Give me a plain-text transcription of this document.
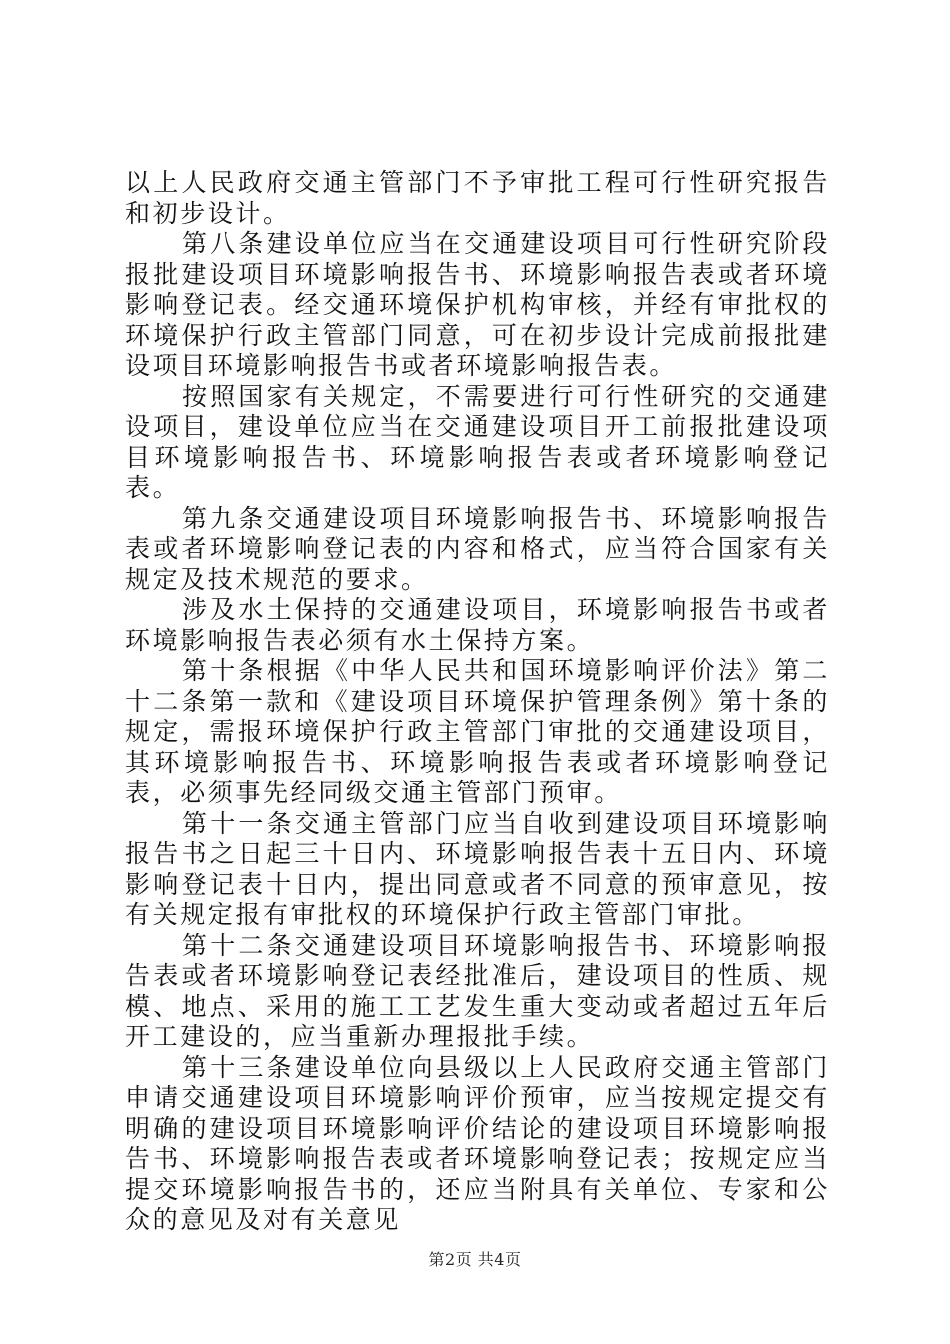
以上人民政府交通主管部门不予审批工程可行性研究报告和初步设计。

第八条建设单位应当在交通建设项目可行性研究阶段报批建设项目环境影响报告书、环境影响报告表或者环境影响登记表。经交通环境保护机构审核，并经有审批权的环境保护行政主管部门同意，可在初步设计完成前报批建设项目环境影响报告书或者环境影响报告表。

按照国家有关规定，不需要进行可行性研究的交通建设项目，建设单位应当在交通建设项目开工前报批建设项目环境影响报告书、环境影响报告表或者环境影响登记表。

第九条交通建设项目环境影响报告书、环境影响报告表或者环境影响登记表的内容和格式，应当符合国家有关规定及技术规范的要求。

涉及水土保持的交通建设项目，环境影响报告书或者环境影响报告表必须有水土保持方案。

第十条根据《中华人民共和国环境影响评价法》第二十二条第一款和《建设项目环境保护管理条例》第十条的规定，需报环境保护行政主管部门审批的交通建设项目，其环境影响报告书、环境影响报告表或者环境影响登记表，必须事先经同级交通主管部门预审。

第十一条交通主管部门应当自收到建设项目环境影响报告书之日起三十日内、环境影响报告表十五日内、环境影响登记表十日内，提出同意或者不同意的预审意见，按有关规定报有审批权的环境保护行政主管部门审批。

第十二条交通建设项目环境影响报告书、环境影响报告表或者环境影响登记表经批准后，建设项目的性质、规模、地点、采用的施工工艺发生重大变动或者超过五年后开工建设的，应当重新办理报批手续。

第十三条建设单位向县级以上人民政府交通主管部门申请交通建设项目环境影响评价预审，应当按规定提交有明确的建设项目环境影响评价结论的建设项目环境影响报告书、环境影响报告表或者环境影响登记表；按规定应当提交环境影响报告书的，还应当附具有关单位、专家和公众的意见及对有关意见

第2页 共4页
